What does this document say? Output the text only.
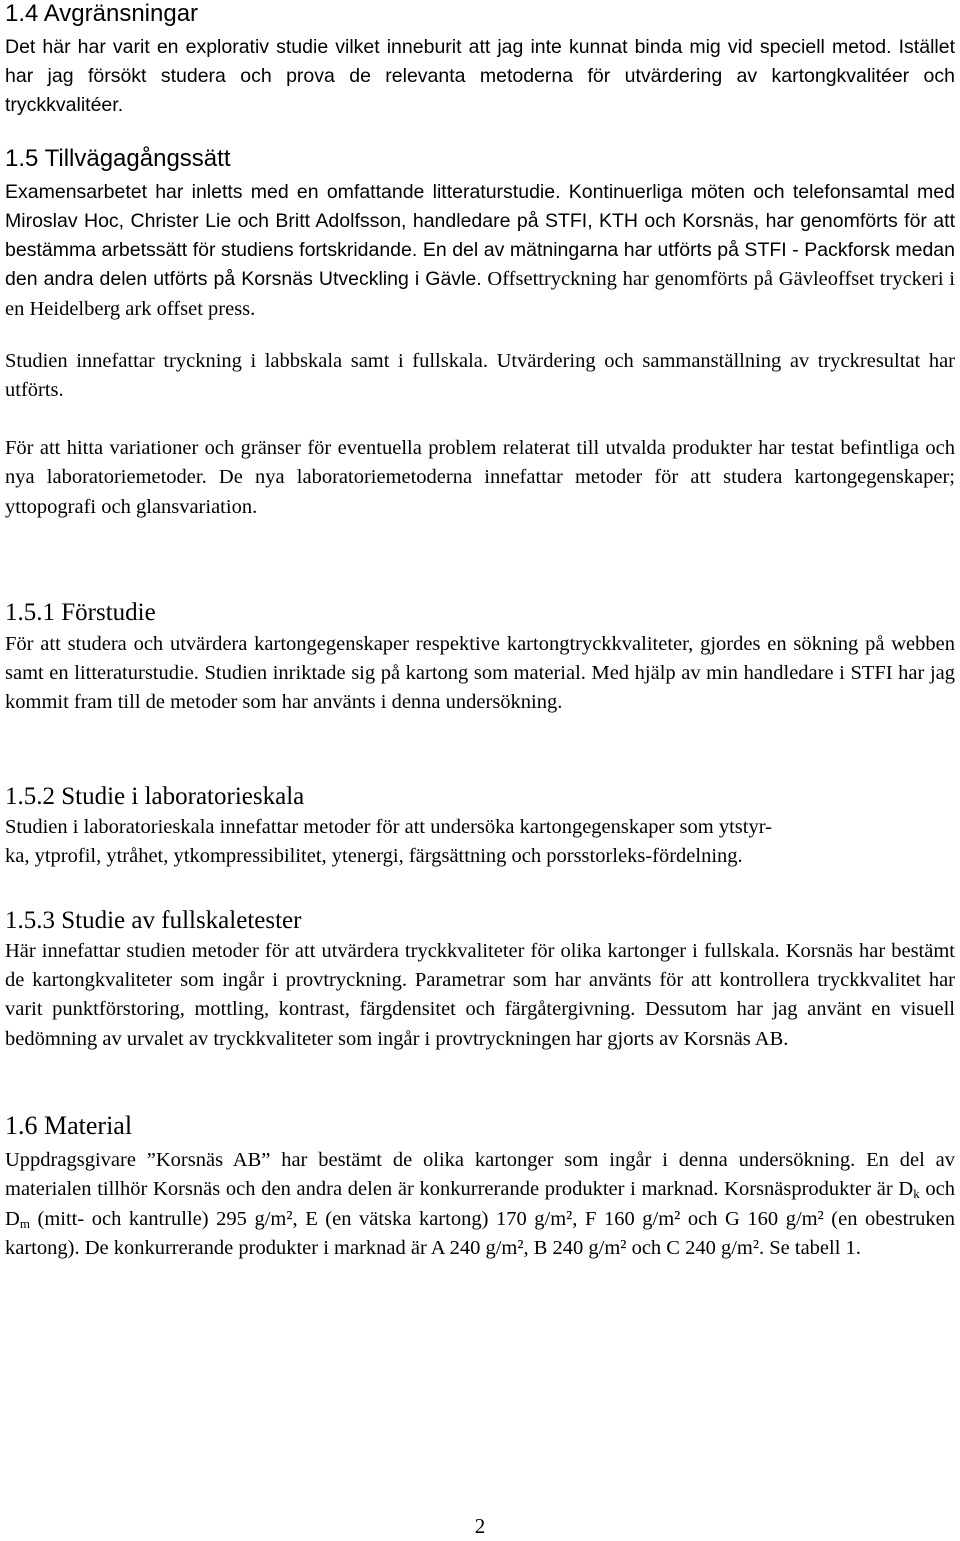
1.4 Avgränsningar

Det här har varit en explorativ studie vilket inneburit att jag inte kunnat binda mig vid speciell metod. Istället har jag försökt studera och prova de relevanta metoderna för utvärdering av kartongkvalitéer och tryckkvalitéer.

1.5 Tillvägagångssätt

Examensarbetet har inletts med en omfattande litteraturstudie. Kontinuerliga möten och telefonsamtal med Miroslav Hoc, Christer Lie och Britt Adolfsson, handledare på STFI, KTH och Korsnäs, har genomförts för att bestämma arbetssätt för studiens fortskridande. En del av mätningarna har utförts på STFI - Packforsk medan den andra delen utförts på Korsnäs Utveckling i Gävle. Offsettryckning har genomförts på Gävleoffset tryckeri i en Heidelberg ark offset press.

Studien innefattar tryckning i labbskala samt i fullskala. Utvärdering och sammanställning av tryckresultat har utförts.

För att hitta variationer och gränser för eventuella problem relaterat till utvalda produkter har testat befintliga och nya laboratoriemetoder. De nya laboratoriemetoderna innefattar metoder för att studera kartongegenskaper; yttopografi och glansvariation.

1.5.1 Förstudie

För att studera och utvärdera kartongegenskaper respektive kartongtryckkvaliteter, gjordes en sökning på webben samt en litteraturstudie. Studien inriktade sig på kartong som material. Med hjälp av min handledare i STFI har jag kommit fram till de metoder som har använts i denna undersökning.

1.5.2 Studie i laboratorieskala

Studien i laboratorieskala innefattar metoder för att undersöka kartongegenskaper som ytstyr-
ka, ytprofil, ytråhet, ytkompressibilitet, ytenergi, färgsättning och porsstorleks-fördelning.

1.5.3 Studie av fullskaletester

Här innefattar studien metoder för att utvärdera tryckkvaliteter för olika kartonger i fullskala. Korsnäs har bestämt de kartongkvaliteter som ingår i provtryckning. Parametrar som har använts för att kontrollera tryckkvalitet har varit punktförstoring, mottling, kontrast, färgdensitet och färgåtergivning. Dessutom har jag använt en visuell bedömning av urvalet av tryckkvaliteter som ingår i provtryckningen har gjorts av Korsnäs AB.

1.6 Material

Uppdragsgivare ”Korsnäs AB” har bestämt de olika kartonger som ingår i denna undersökning. En del av materialen tillhör Korsnäs och den andra delen är konkurrerande produkter i marknad. Korsnäsprodukter är $D_k$ och $D_m$ (mitt- och kantrulle) 295 g/m², E (en vätska kartong) 170 g/m², F 160 g/m² och G 160 g/m² (en obestruken kartong). De konkurrerande produkter i marknad är A 240 g/m², B 240 g/m² och C 240 g/m². Se tabell 1.

2
